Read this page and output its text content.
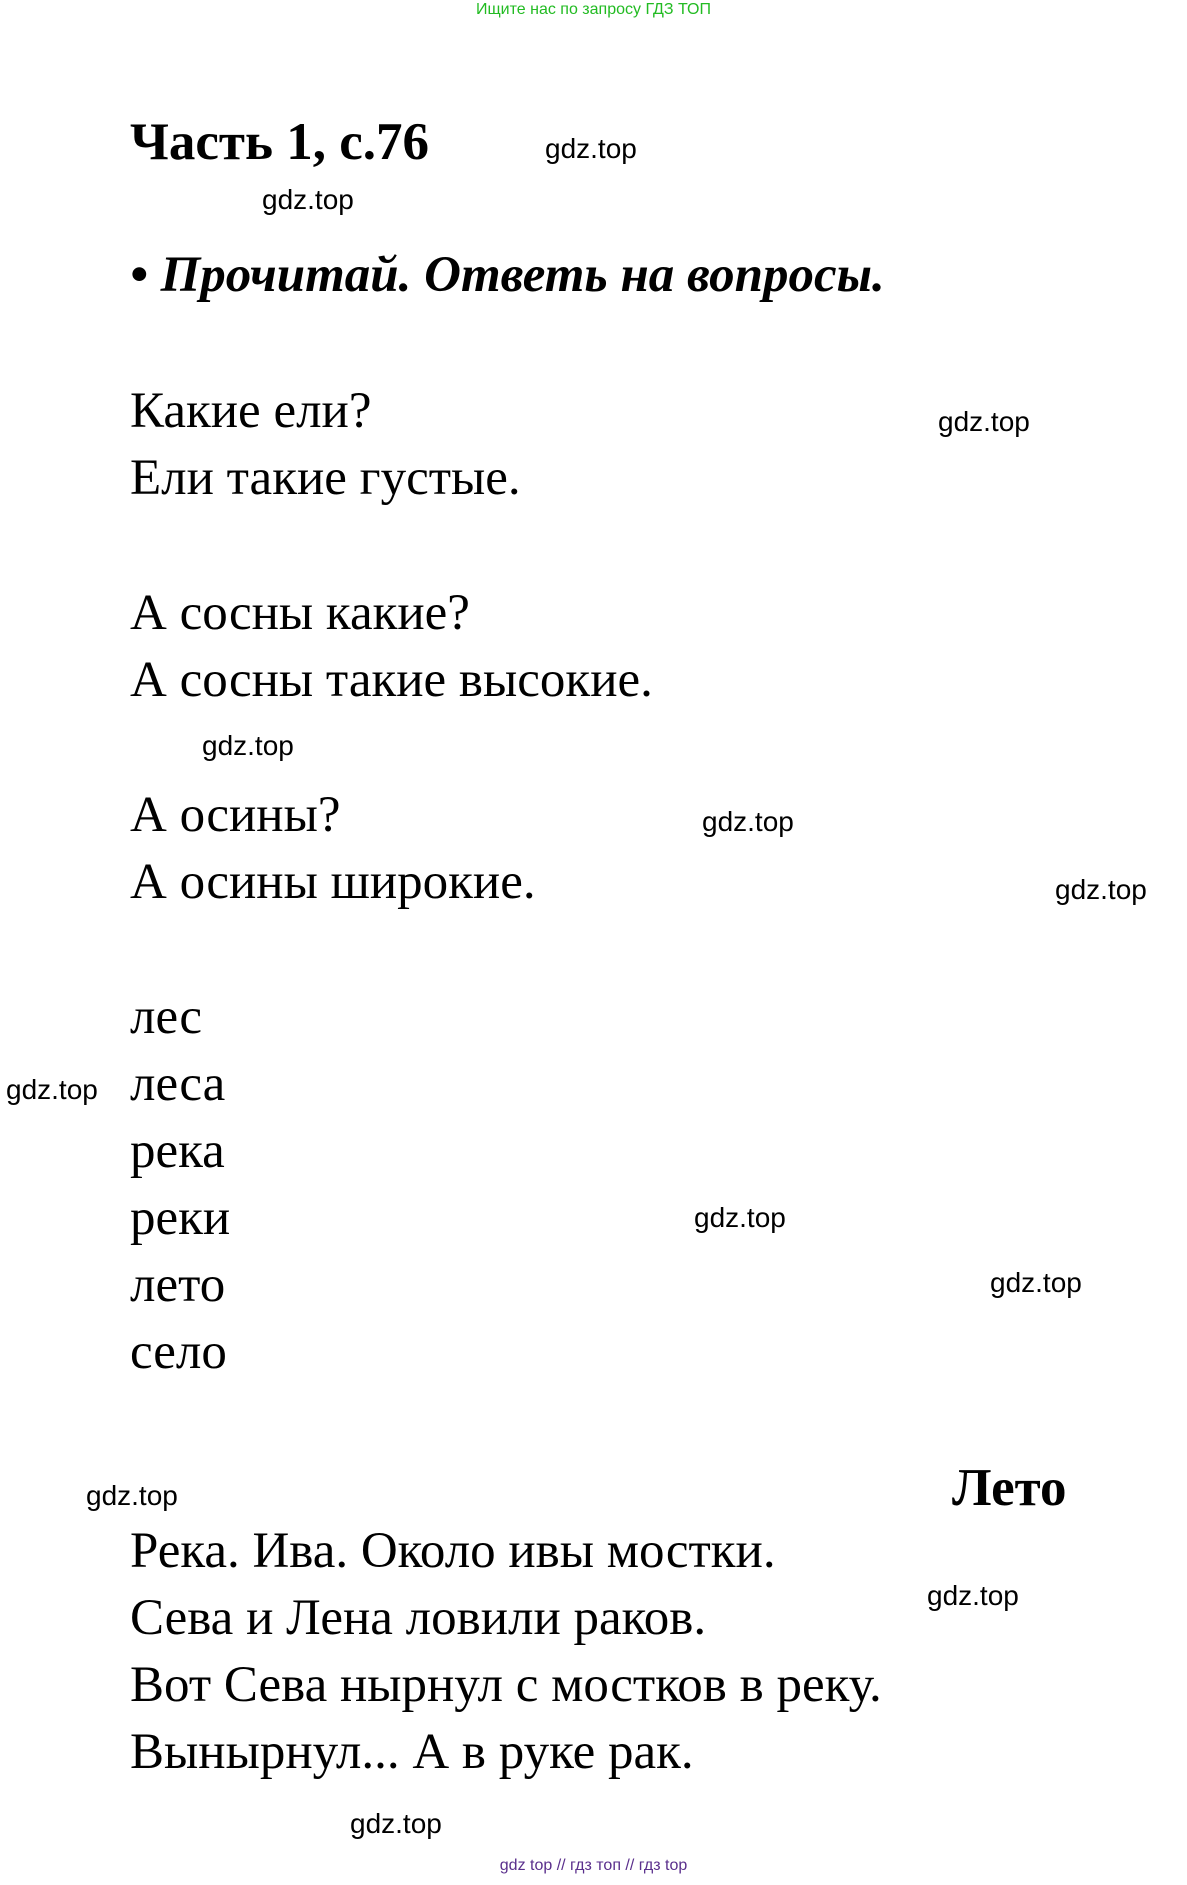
Ищите нас по запросу ГДЗ ТОП
Часть 1, с.76	gdz.top
gdz.top
• Прочитай. Ответь на вопросы.
Какие ели?
Ели такие густые.
gdz.top
А сосны какие?
А сосны такие высокие.
gdz.top
А осины?
А осины широкие.
gdz.top
gdz.top
лес
леса
река
реки
лето
село
gdz.top
gdz.top
gdz.top
Лето
gdz.top
Река. Ива. Около ивы мостки.
Сева и Лена ловили раков.
Вот Сева нырнул с мостков в реку.
Вынырнул... А в руке рак.
gdz.top
gdz.top
gdz top // гдз топ // гдз top
